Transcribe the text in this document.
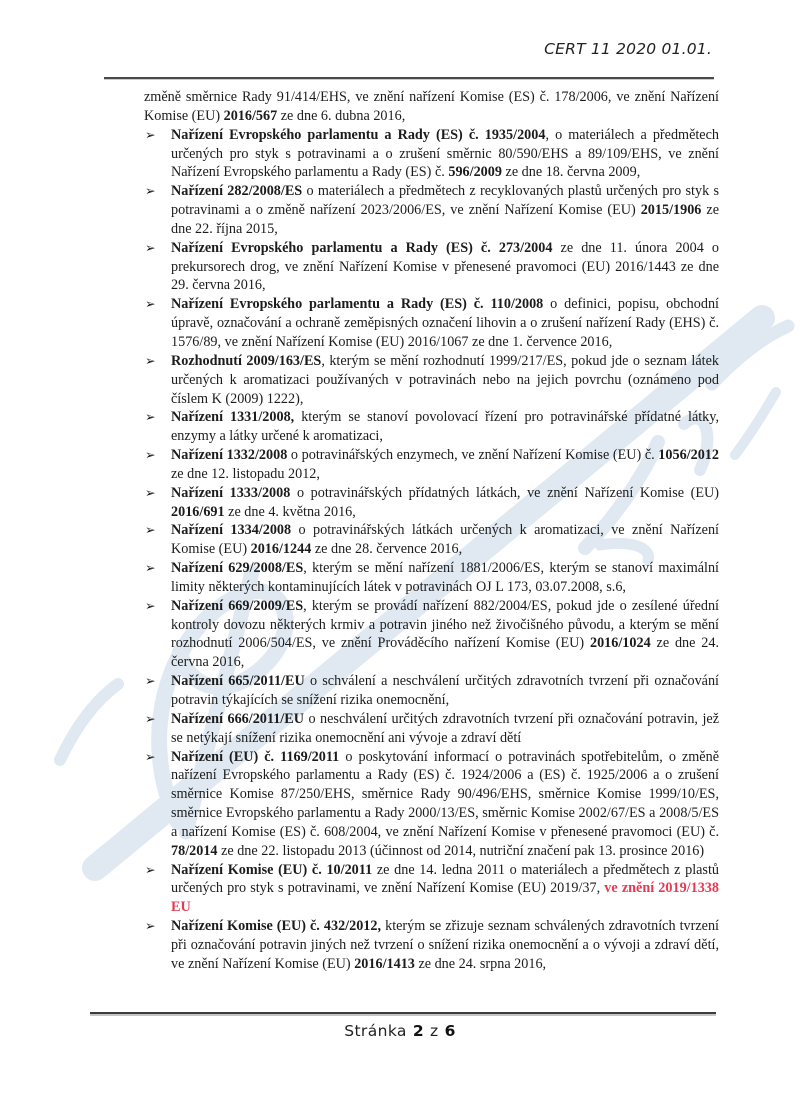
CERT 11 2020 01.01.

změně směrnice Rady 91/414/EHS, ve znění nařízení Komise (ES) č. 178/2006, ve znění Nařízení Komise (EU) 2016/567 ze dne 6. dubna 2016,

➢ Nařízení Evropského parlamentu a Rady (ES) č. 1935/2004, o materiálech a předmětech určených pro styk s potravinami a o zrušení směrnic 80/590/EHS a 89/109/EHS, ve znění Nařízení Evropského parlamentu a Rady (ES) č. 596/2009 ze dne 18. června 2009,

➢ Nařízení 282/2008/ES o materiálech a předmětech z recyklovaných plastů určených pro styk s potravinami a o změně nařízení 2023/2006/ES, ve znění Nařízení Komise (EU) 2015/1906 ze dne 22. října 2015,

➢ Nařízení Evropského parlamentu a Rady (ES) č. 273/2004 ze dne 11. února 2004 o prekursorech drog, ve znění Nařízení Komise v přenesené pravomoci (EU) 2016/1443 ze dne 29. června 2016,

➢ Nařízení Evropského parlamentu a Rady (ES) č. 110/2008 o definici, popisu, obchodní úpravě, označování a ochraně zeměpisných označení lihovin a o zrušení nařízení Rady (EHS) č. 1576/89, ve znění Nařízení Komise (EU) 2016/1067 ze dne 1. července 2016,

➢ Rozhodnutí 2009/163/ES, kterým se mění rozhodnutí 1999/217/ES, pokud jde o seznam látek určených k aromatizaci používaných v potravinách nebo na jejich povrchu (oznámeno pod číslem K (2009) 1222),

➢ Nařízení 1331/2008, kterým se stanoví povolovací řízení pro potravinářské přídatné látky, enzymy a látky určené k aromatizaci,

➢ Nařízení 1332/2008 o potravinářských enzymech, ve znění Nařízení Komise (EU) č. 1056/2012 ze dne 12. listopadu 2012,

➢ Nařízení 1333/2008 o potravinářských přídatných látkách, ve znění Nařízení Komise (EU) 2016/691 ze dne 4. května 2016,

➢ Nařízení 1334/2008 o potravinářských látkách určených k aromatizaci, ve znění Nařízení Komise (EU) 2016/1244 ze dne 28. července 2016,

➢ Nařízení 629/2008/ES, kterým se mění nařízení 1881/2006/ES, kterým se stanoví maximální limity některých kontaminujících látek v potravinách OJ L 173, 03.07.2008, s.6,

➢ Nařízení 669/2009/ES, kterým se provádí nařízení 882/2004/ES, pokud jde o zesílené úřední kontroly dovozu některých krmiv a potravin jiného než živočišného původu, a kterým se mění rozhodnutí 2006/504/ES, ve znění Prováděcího nařízení Komise (EU) 2016/1024 ze dne 24. června 2016,

➢ Nařízení 665/2011/EU o schválení a neschválení určitých zdravotních tvrzení při označování potravin týkajících se snížení rizika onemocnění,

➢ Nařízení 666/2011/EU o neschválení určitých zdravotních tvrzení při označování potravin, jež se netýkají snížení rizika onemocnění ani vývoje a zdraví dětí

➢ Nařízení (EU) č. 1169/2011 o poskytování informací o potravinách spotřebitelům, o změně nařízení Evropského parlamentu a Rady (ES) č. 1924/2006 a (ES) č. 1925/2006 a o zrušení směrnice Komise 87/250/EHS, směrnice Rady 90/496/EHS, směrnice Komise 1999/10/ES, směrnice Evropského parlamentu a Rady 2000/13/ES, směrnic Komise 2002/67/ES a 2008/5/ES a nařízení Komise (ES) č. 608/2004, ve znění Nařízení Komise v přenesené pravomoci (EU) č. 78/2014 ze dne 22. listopadu 2013 (účinnost od 2014, nutriční značení pak 13. prosince 2016)

➢ Nařízení Komise (EU) č. 10/2011 ze dne 14. ledna 2011 o materiálech a předmětech z plastů určených pro styk s potravinami, ve znění Nařízení Komise (EU) 2019/37, ve znění 2019/1338 EU

➢ Nařízení Komise (EU) č. 432/2012, kterým se zřizuje seznam schválených zdravotních tvrzení při označování potravin jiných než tvrzení o snížení rizika onemocnění a o vývoji a zdraví dětí, ve znění Nařízení Komise (EU) 2016/1413 ze dne 24. srpna 2016,

Stránka 2 z 6
